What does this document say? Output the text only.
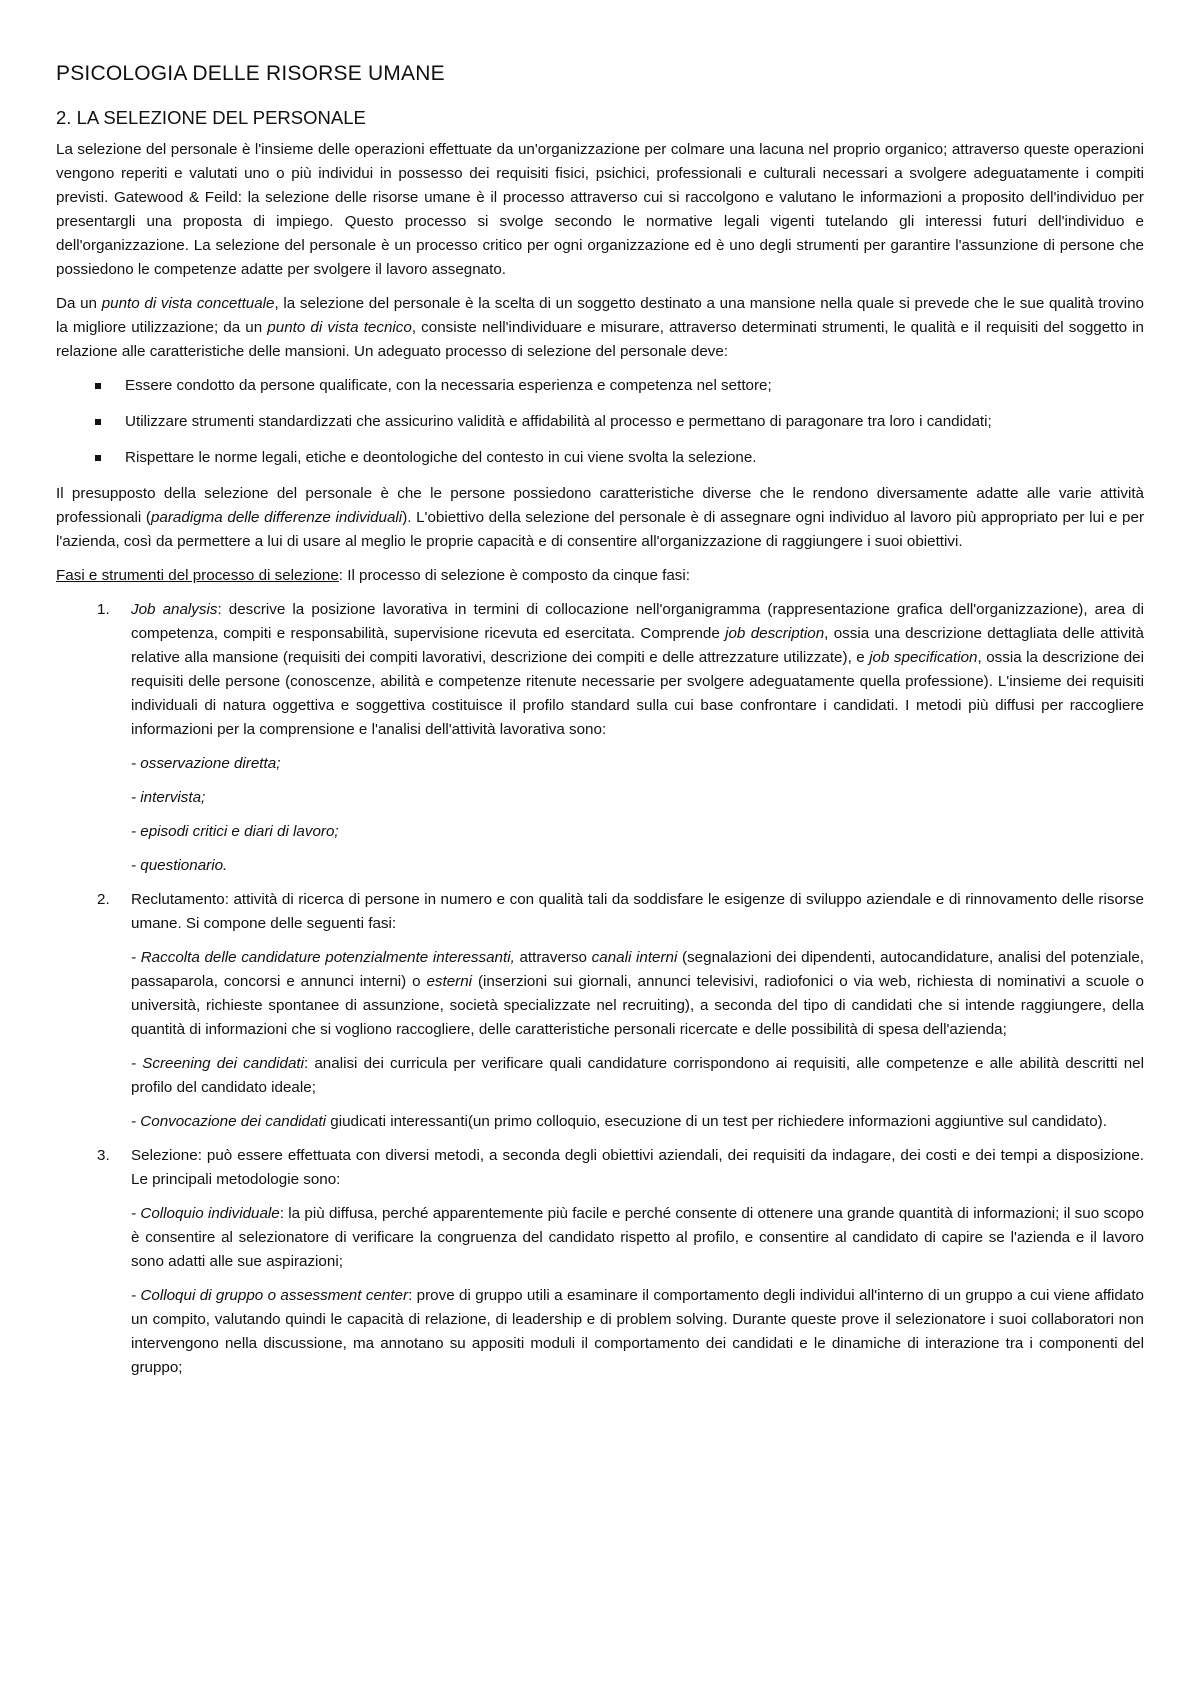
PSICOLOGIA DELLE RISORSE UMANE
2. LA SELEZIONE DEL PERSONALE

La selezione del personale è l'insieme delle operazioni effettuate da un'organizzazione per colmare una lacuna nel proprio organico; attraverso queste operazioni vengono reperiti e valutati uno o più individui in possesso dei requisiti fisici, psichici, professionali e culturali necessari a svolgere adeguatamente i compiti previsti. Gatewood & Feild: la selezione delle risorse umane è il processo attraverso cui si raccolgono e valutano le informazioni a proposito dell'individuo per presentargli una proposta di impiego. Questo processo si svolge secondo le normative legali vigenti tutelando gli interessi futuri dell'individuo e dell'organizzazione. La selezione del personale è un processo critico per ogni organizzazione ed è uno degli strumenti per garantire l'assunzione di persone che possiedono le competenze adatte per svolgere il lavoro assegnato.

Da un punto di vista concettuale, la selezione del personale è la scelta di un soggetto destinato a una mansione nella quale si prevede che le sue qualità trovino la migliore utilizzazione; da un punto di vista tecnico, consiste nell'individuare e misurare, attraverso determinati strumenti, le qualità e il requisiti del soggetto in relazione alle caratteristiche delle mansioni. Un adeguato processo di selezione del personale deve:

Essere condotto da persone qualificate, con la necessaria esperienza e competenza nel settore;
Utilizzare strumenti standardizzati che assicurino validità e affidabilità al processo e permettano di paragonare tra loro i candidati;
Rispettare le norme legali, etiche e deontologiche del contesto in cui viene svolta la selezione.

Il presupposto della selezione del personale è che le persone possiedono caratteristiche diverse che le rendono diversamente adatte alle varie attività professionali (paradigma delle differenze individuali). L'obiettivo della selezione del personale è di assegnare ogni individuo al lavoro più appropriato per lui e per l'azienda, così da permettere a lui di usare al meglio le proprie capacità e di consentire all'organizzazione di raggiungere i suoi obiettivi.

Fasi e strumenti del processo di selezione: Il processo di selezione è composto da cinque fasi:

1. Job analysis: descrive la posizione lavorativa in termini di collocazione nell'organigramma (rappresentazione grafica dell'organizzazione), area di competenza, compiti e responsabilità, supervisione ricevuta ed esercitata. Comprende job description, ossia una descrizione dettagliata delle attività relative alla mansione (requisiti dei compiti lavorativi, descrizione dei compiti e delle attrezzature utilizzate), e job specification, ossia la descrizione dei requisiti delle persone (conoscenze, abilità e competenze ritenute necessarie per svolgere adeguatamente quella professione). L'insieme dei requisiti individuali di natura oggettiva e soggettiva costituisce il profilo standard sulla cui base confrontare i candidati. I metodi più diffusi per raccogliere informazioni per la comprensione e l'analisi dell'attività lavorativa sono:

- osservazione diretta;

- intervista;

- episodi critici e diari di lavoro;

- questionario.

2. Reclutamento: attività di ricerca di persone in numero e con qualità tali da soddisfare le esigenze di sviluppo aziendale e di rinnovamento delle risorse umane. Si compone delle seguenti fasi:

- Raccolta delle candidature potenzialmente interessanti, attraverso canali interni (segnalazioni dei dipendenti, autocandidature, analisi del potenziale, passaparola, concorsi e annunci interni) o esterni (inserzioni sui giornali, annunci televisivi, radiofonici o via web, richiesta di nominativi a scuole o università, richieste spontanee di assunzione, società specializzate nel recruiting), a seconda del tipo di candidati che si intende raggiungere, della quantità di informazioni che si vogliono raccogliere, delle caratteristiche personali ricercate e delle possibilità di spesa dell'azienda;

- Screening dei candidati: analisi dei curricula per verificare quali candidature corrispondono ai requisiti, alle competenze e alle abilità descritti nel profilo del candidato ideale;

- Convocazione dei candidati giudicati interessanti(un primo colloquio, esecuzione di un test per richiedere informazioni aggiuntive sul candidato).

3. Selezione: può essere effettuata con diversi metodi, a seconda degli obiettivi aziendali, dei requisiti da indagare, dei costi e dei tempi a disposizione. Le principali metodologie sono:

- Colloquio individuale: la più diffusa, perché apparentemente più facile e perché consente di ottenere una grande quantità di informazioni; il suo scopo è consentire al selezionatore di verificare la congruenza del candidato rispetto al profilo, e consentire al candidato di capire se l'azienda e il lavoro sono adatti alle sue aspirazioni;

- Colloqui di gruppo o assessment center: prove di gruppo utili a esaminare il comportamento degli individui all'interno di un gruppo a cui viene affidato un compito, valutando quindi le capacità di relazione, di leadership e di problem solving. Durante queste prove il selezionatore i suoi collaboratori non intervengono nella discussione, ma annotano su appositi moduli il comportamento dei candidati e le dinamiche di interazione tra i componenti del gruppo;
